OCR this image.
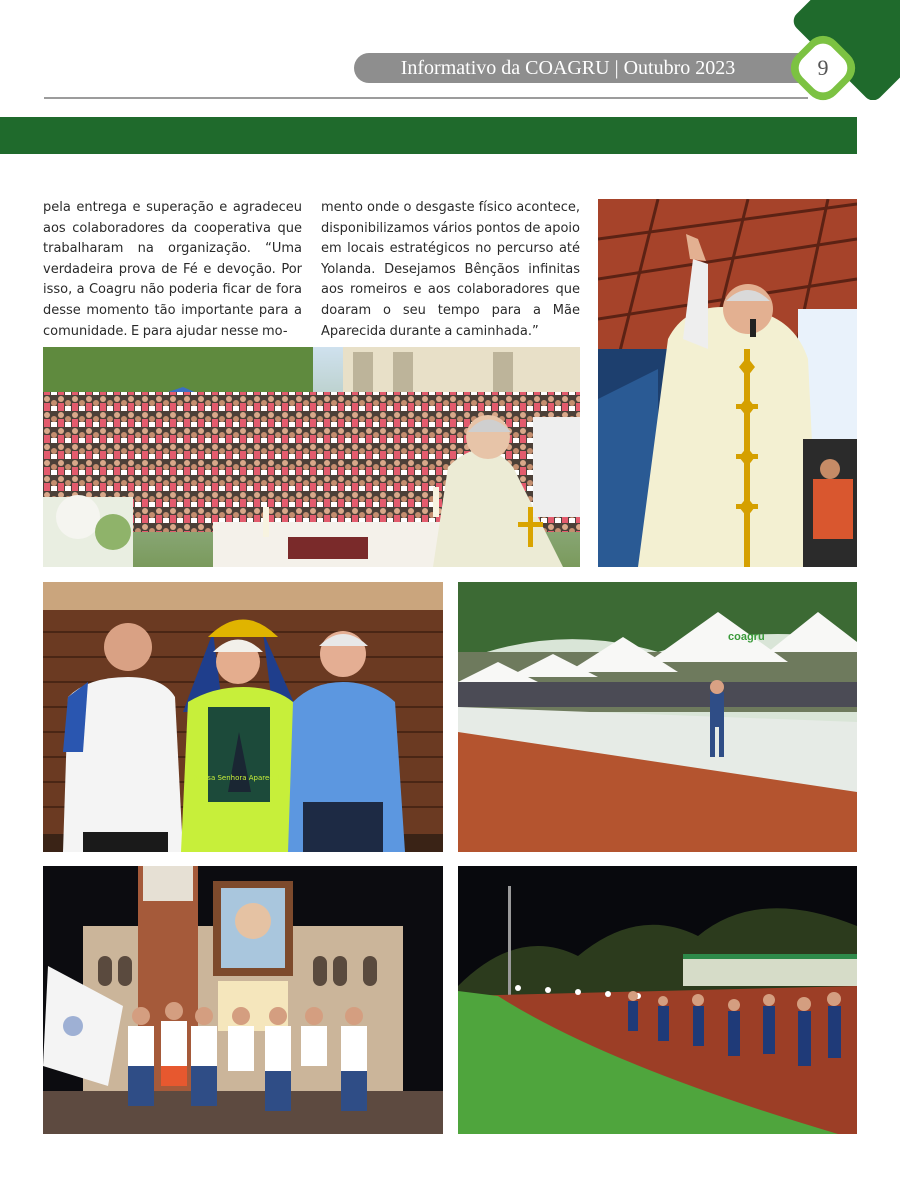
Informativo da COAGRU | Outubro 2023	9
pela entrega e superação e agradeceu aos colaboradores da cooperativa que trabalharam na organização. “Uma verdadeira prova de Fé e devoção. Por isso, a Coagru não poderia ficar de fora desse momento tão importante para a comunidade. E para ajudar nesse mo-
mento onde o desgaste físico acontece, disponibilizamos vários pontos de apoio em locais estratégicos no percurso até Yolanda. Desejamos Bênçãos infinitas aos romeiros e aos colaboradores que doaram o seu tempo para a Mãe Aparecida durante a caminhada.”
Nossa Senhora Aparecida
coagru
